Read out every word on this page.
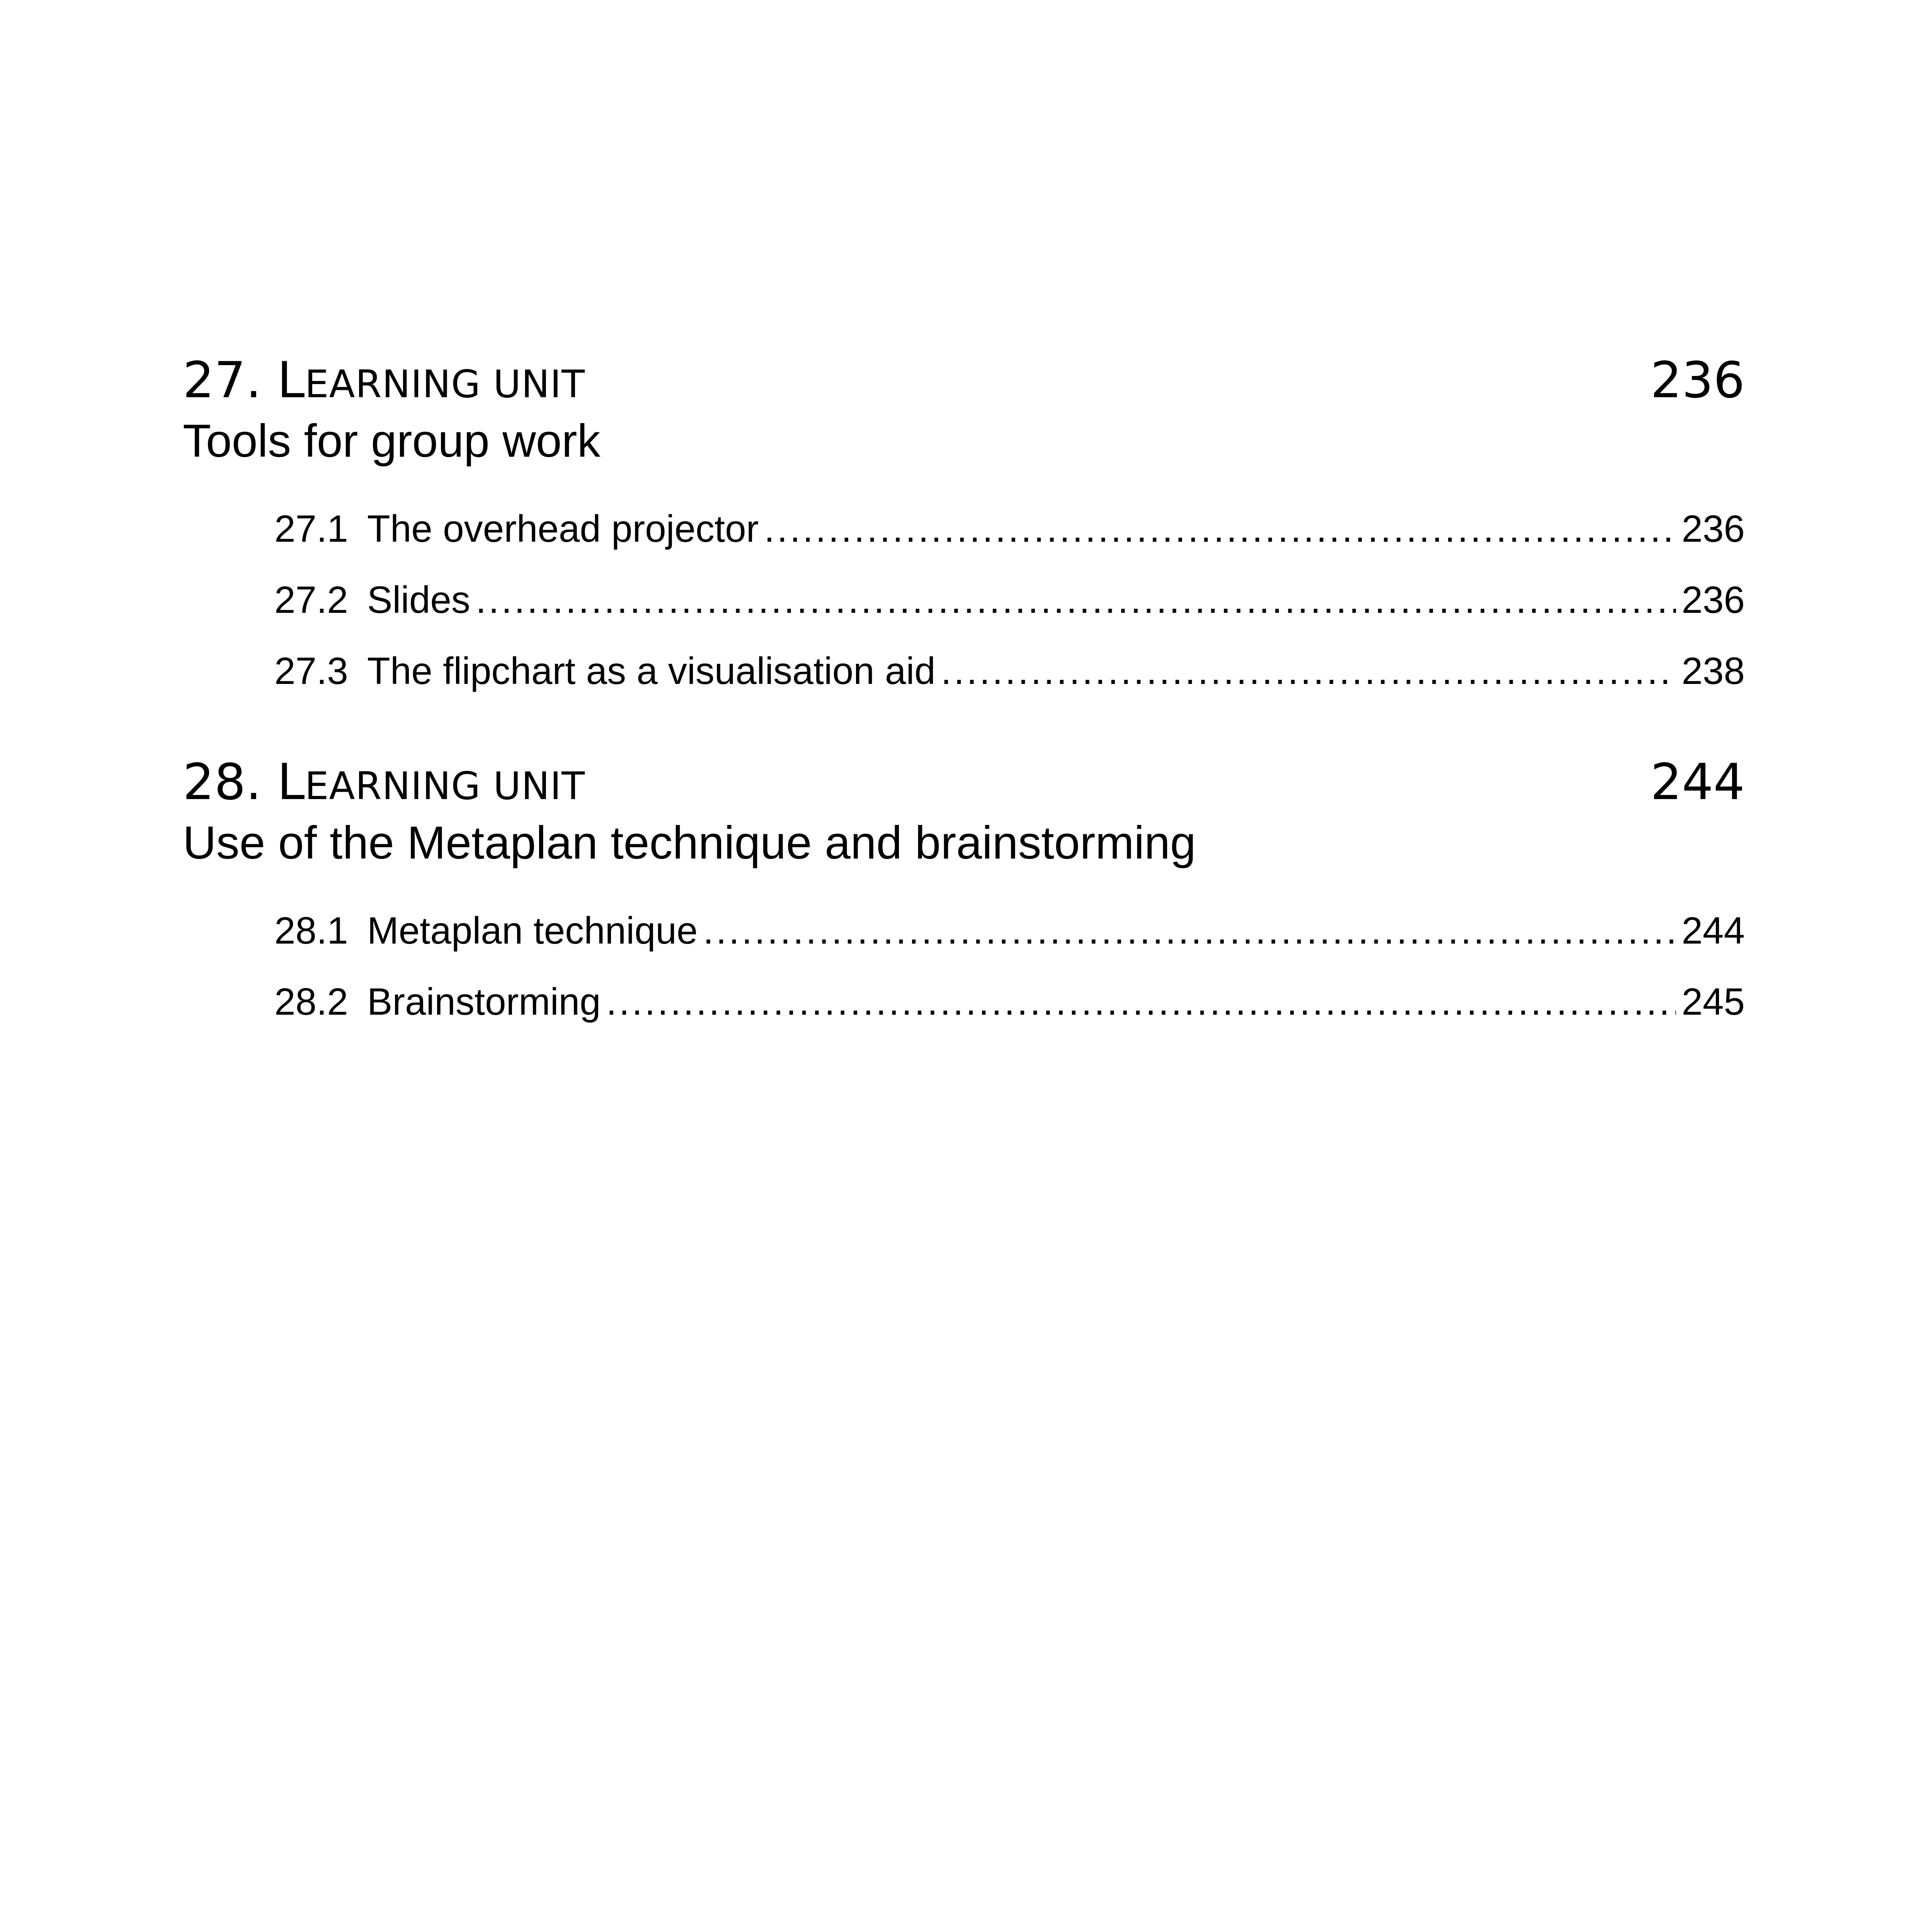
27. LEARNING UNIT	236
Tools for group work
27.1 The overhead projector .....	236
27.2 Slides .....	236
27.3 The flipchart as a visualisation aid .....	238
28. LEARNING UNIT	244
Use of the Metaplan technique and brainstorming
28.1 Metaplan technique .....	244
28.2 Brainstorming .....	245
